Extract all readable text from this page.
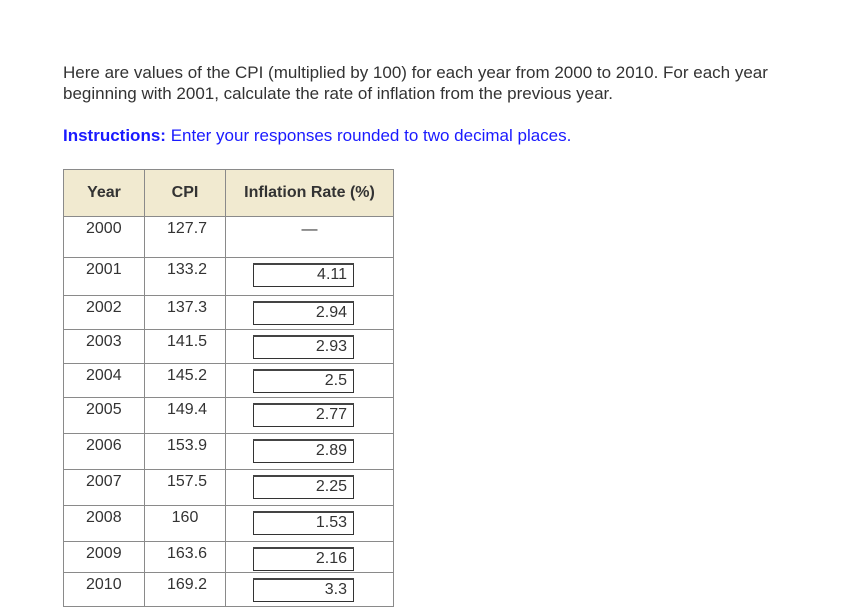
Here are values of the CPI (multiplied by 100) for each year from 2000 to 2010. For each year beginning with 2001, calculate the rate of inflation from the previous year.

Instructions: Enter your responses rounded to two decimal places.

Year	CPI	Inflation Rate (%)
2000	127.7	—

2001	133.2	4.11

2002	137.3	2.94

2003	141.5	2.93

2004	145.2	2.5

2005	149.4	2.77

2006	153.9	2.89

2007	157.5	2.25

2008	160	1.53

2009	163.6	2.16

2010	169.2	3.3
